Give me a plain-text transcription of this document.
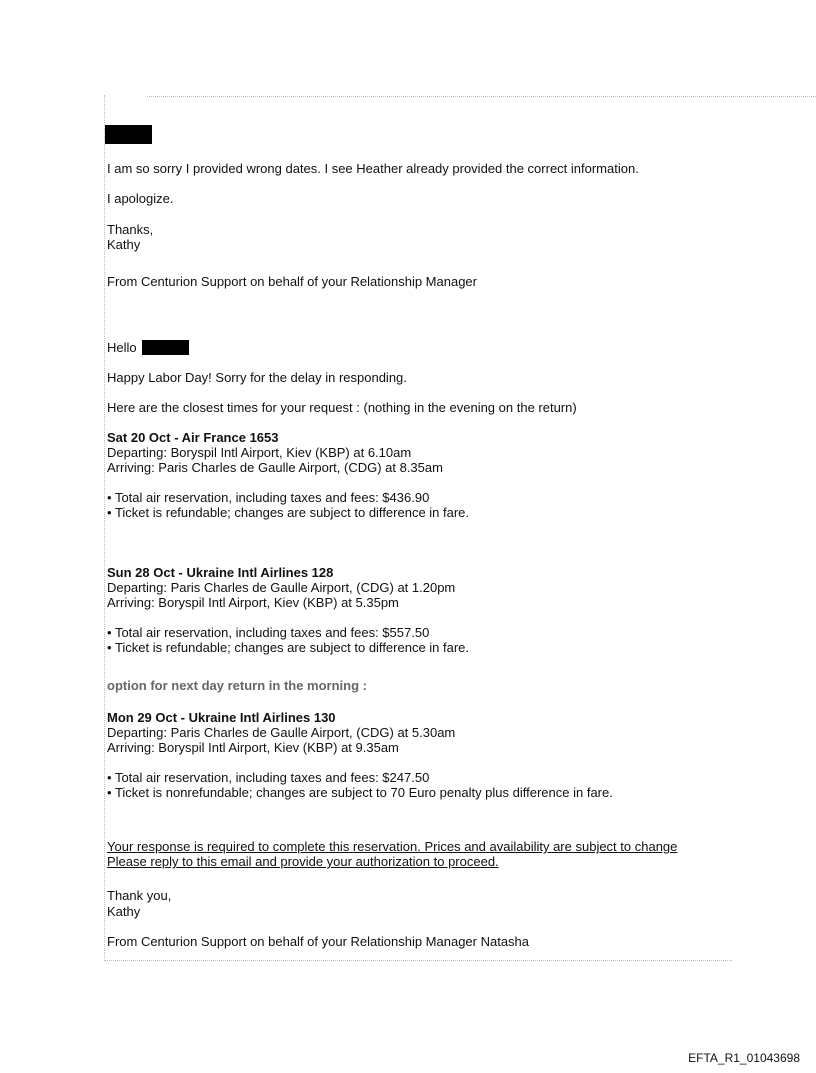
I am so sorry I provided wrong dates. I see Heather already provided the correct information.
I apologize.
Thanks,
Kathy
From Centurion Support on behalf of your Relationship Manager
Hello
Happy Labor Day! Sorry for the delay in responding.
Here are the closest times for your request : (nothing in the evening on the return)
Sat 20 Oct - Air France 1653
Departing: Boryspil Intl Airport, Kiev (KBP) at 6.10am
Arriving: Paris Charles de Gaulle Airport, (CDG) at 8.35am
• Total air reservation, including taxes and fees: $436.90
• Ticket is refundable; changes are subject to difference in fare.
Sun 28 Oct - Ukraine Intl Airlines 128
Departing: Paris Charles de Gaulle Airport, (CDG) at 1.20pm
Arriving: Boryspil Intl Airport, Kiev (KBP) at 5.35pm
• Total air reservation, including taxes and fees: $557.50
• Ticket is refundable; changes are subject to difference in fare.
option for next day return in the morning :
Mon 29 Oct - Ukraine Intl Airlines 130
Departing: Paris Charles de Gaulle Airport, (CDG) at 5.30am
Arriving: Boryspil Intl Airport, Kiev (KBP) at 9.35am
• Total air reservation, including taxes and fees: $247.50
• Ticket is nonrefundable; changes are subject to 70 Euro penalty plus difference in fare.
Your response is required to complete this reservation. Prices and availability are subject to change
Please reply to this email and provide your authorization to proceed.
Thank you,
Kathy
From Centurion Support on behalf of your Relationship Manager Natasha
EFTA_R1_01043698
